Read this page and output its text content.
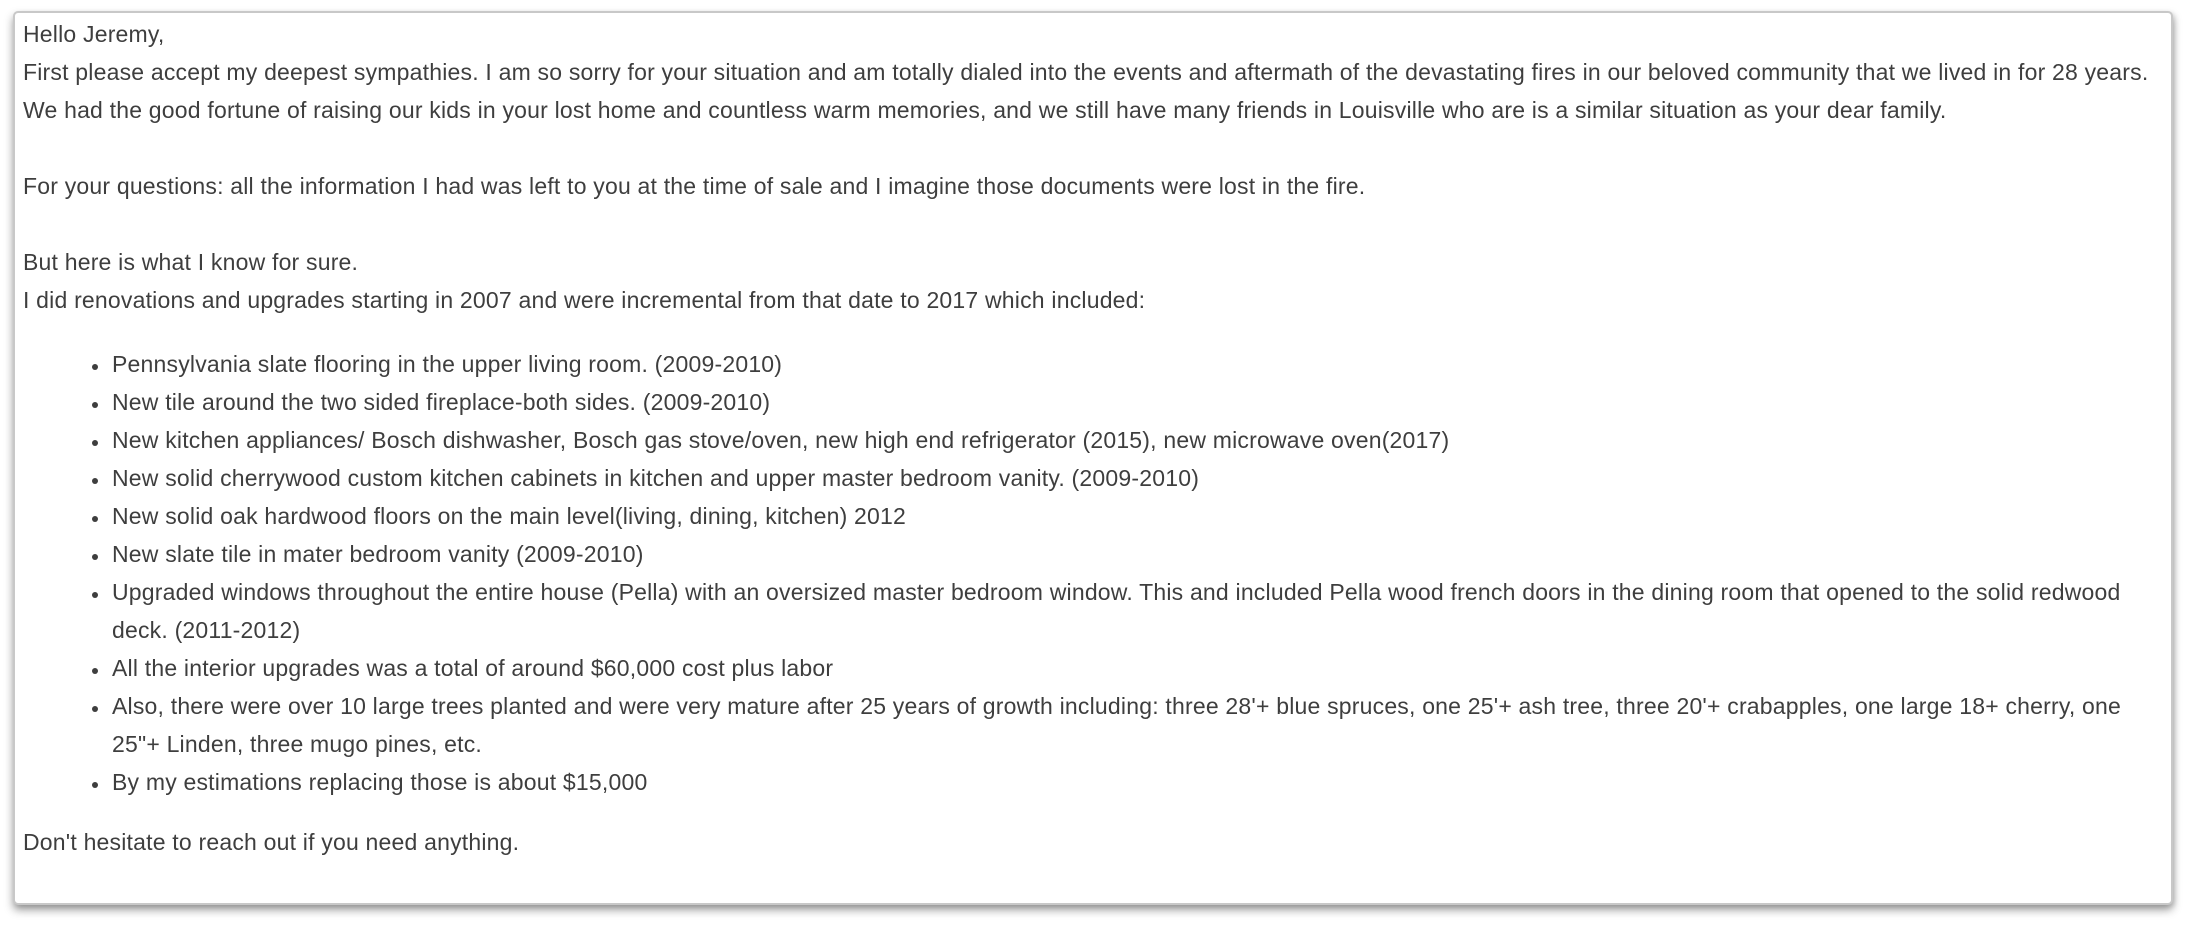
Hello Jeremy,

First please accept my deepest sympathies. I am so sorry for your situation and am totally dialed into the events and aftermath of the devastating fires in our beloved community that we lived in for 28 years.

We had the good fortune of raising our kids in your lost home and countless warm memories, and we still have many friends in Louisville who are is a similar situation as your dear family.

For your questions: all the information I had was left to you at the time of sale and I imagine those documents were lost in the fire.

But here is what I know for sure.

I did renovations and upgrades starting in 2007 and were incremental from that date to 2017 which included:

• Pennsylvania slate flooring in the upper living room. (2009-2010)
• New tile around the two sided fireplace-both sides. (2009-2010)
• New kitchen appliances/ Bosch dishwasher, Bosch gas stove/oven, new high end refrigerator (2015), new microwave oven(2017)
• New solid cherrywood custom kitchen cabinets in kitchen and upper master bedroom vanity. (2009-2010)
• New solid oak hardwood floors on the main level(living, dining, kitchen) 2012
• New slate tile in mater bedroom vanity (2009-2010)
• Upgraded windows throughout the entire house (Pella) with an oversized master bedroom window. This and included Pella wood french doors in the dining room that opened to the solid redwood deck. (2011-2012)
• All the interior upgrades was a total of around $60,000 cost plus labor
• Also, there were over 10 large trees planted and were very mature after 25 years of growth including: three 28'+ blue spruces, one 25'+ ash tree, three 20'+ crabapples, one large 18+ cherry, one 25"+ Linden, three mugo pines, etc.
• By my estimations replacing those is about $15,000

Don't hesitate to reach out if you need anything.
